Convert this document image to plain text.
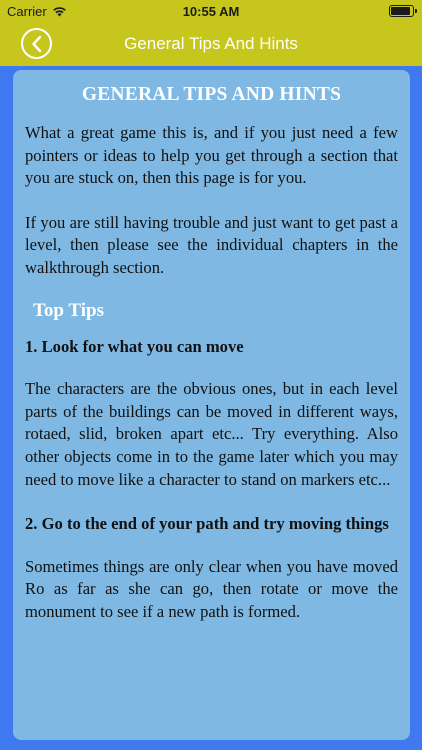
Carrier	10:55 AM
General Tips And Hints
GENERAL TIPS AND HINTS

What a great game this is, and if you just need a few pointers or ideas to help you get through a section that you are stuck on, then this page is for you.

If you are still having trouble and just want to get past a level, then please see the individual chapters in the walkthrough section.

Top Tips
1. Look for what you can move

The characters are the obvious ones, but in each level parts of the buildings can be moved in different ways, rotaed, slid, broken apart etc... Try everything. Also other objects come in to the game later which you may need to move like a character to stand on markers etc...

2. Go to the end of your path and try moving things

Sometimes things are only clear when you have moved Ro as far as she can go, then rotate or move the monument to see if a new path is formed.
